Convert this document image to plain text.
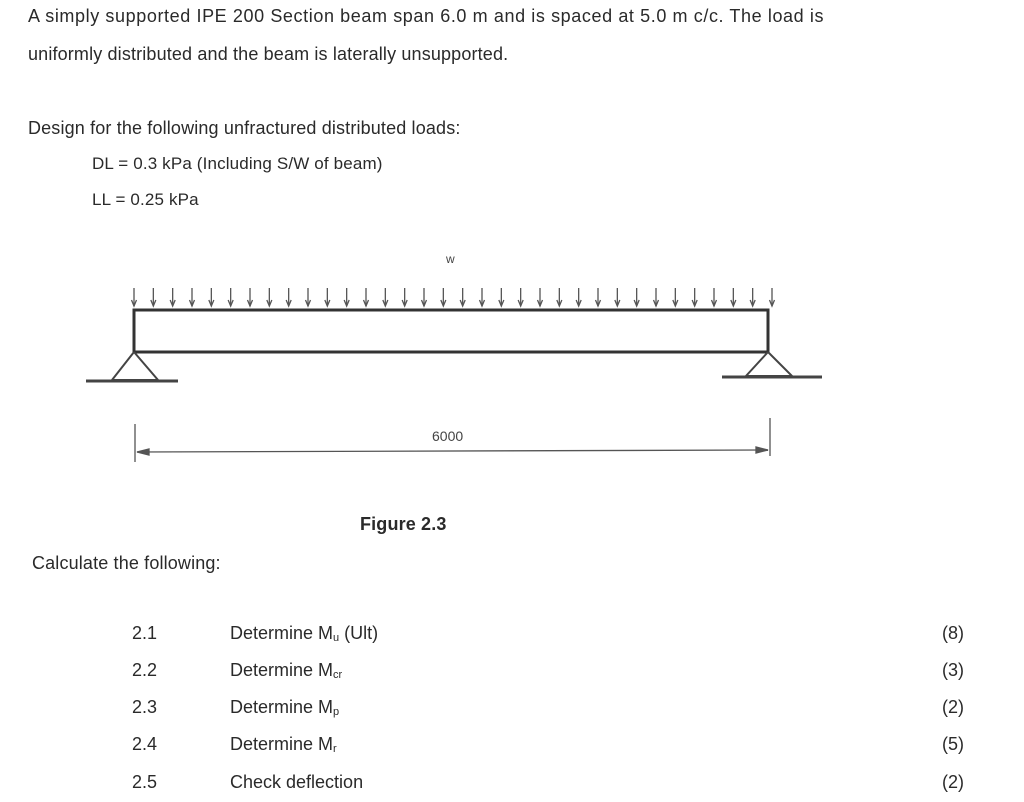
A simply supported IPE 200 Section beam span 6.0 m and is spaced at 5.0 m c/c. The load is

uniformly distributed and the beam is laterally unsupported.

Design for the following unfractured distributed loads:

DL = 0.3 kPa (Including S/W of beam)

LL = 0.25 kPa

w
6000

Figure 2.3

Calculate the following:

2.1	Determine Mu (Ult)	(8)
2.2	Determine Mcr	(3)
2.3	Determine Mp	(2)
2.4	Determine Mr	(5)
2.5	Check deflection	(2)
